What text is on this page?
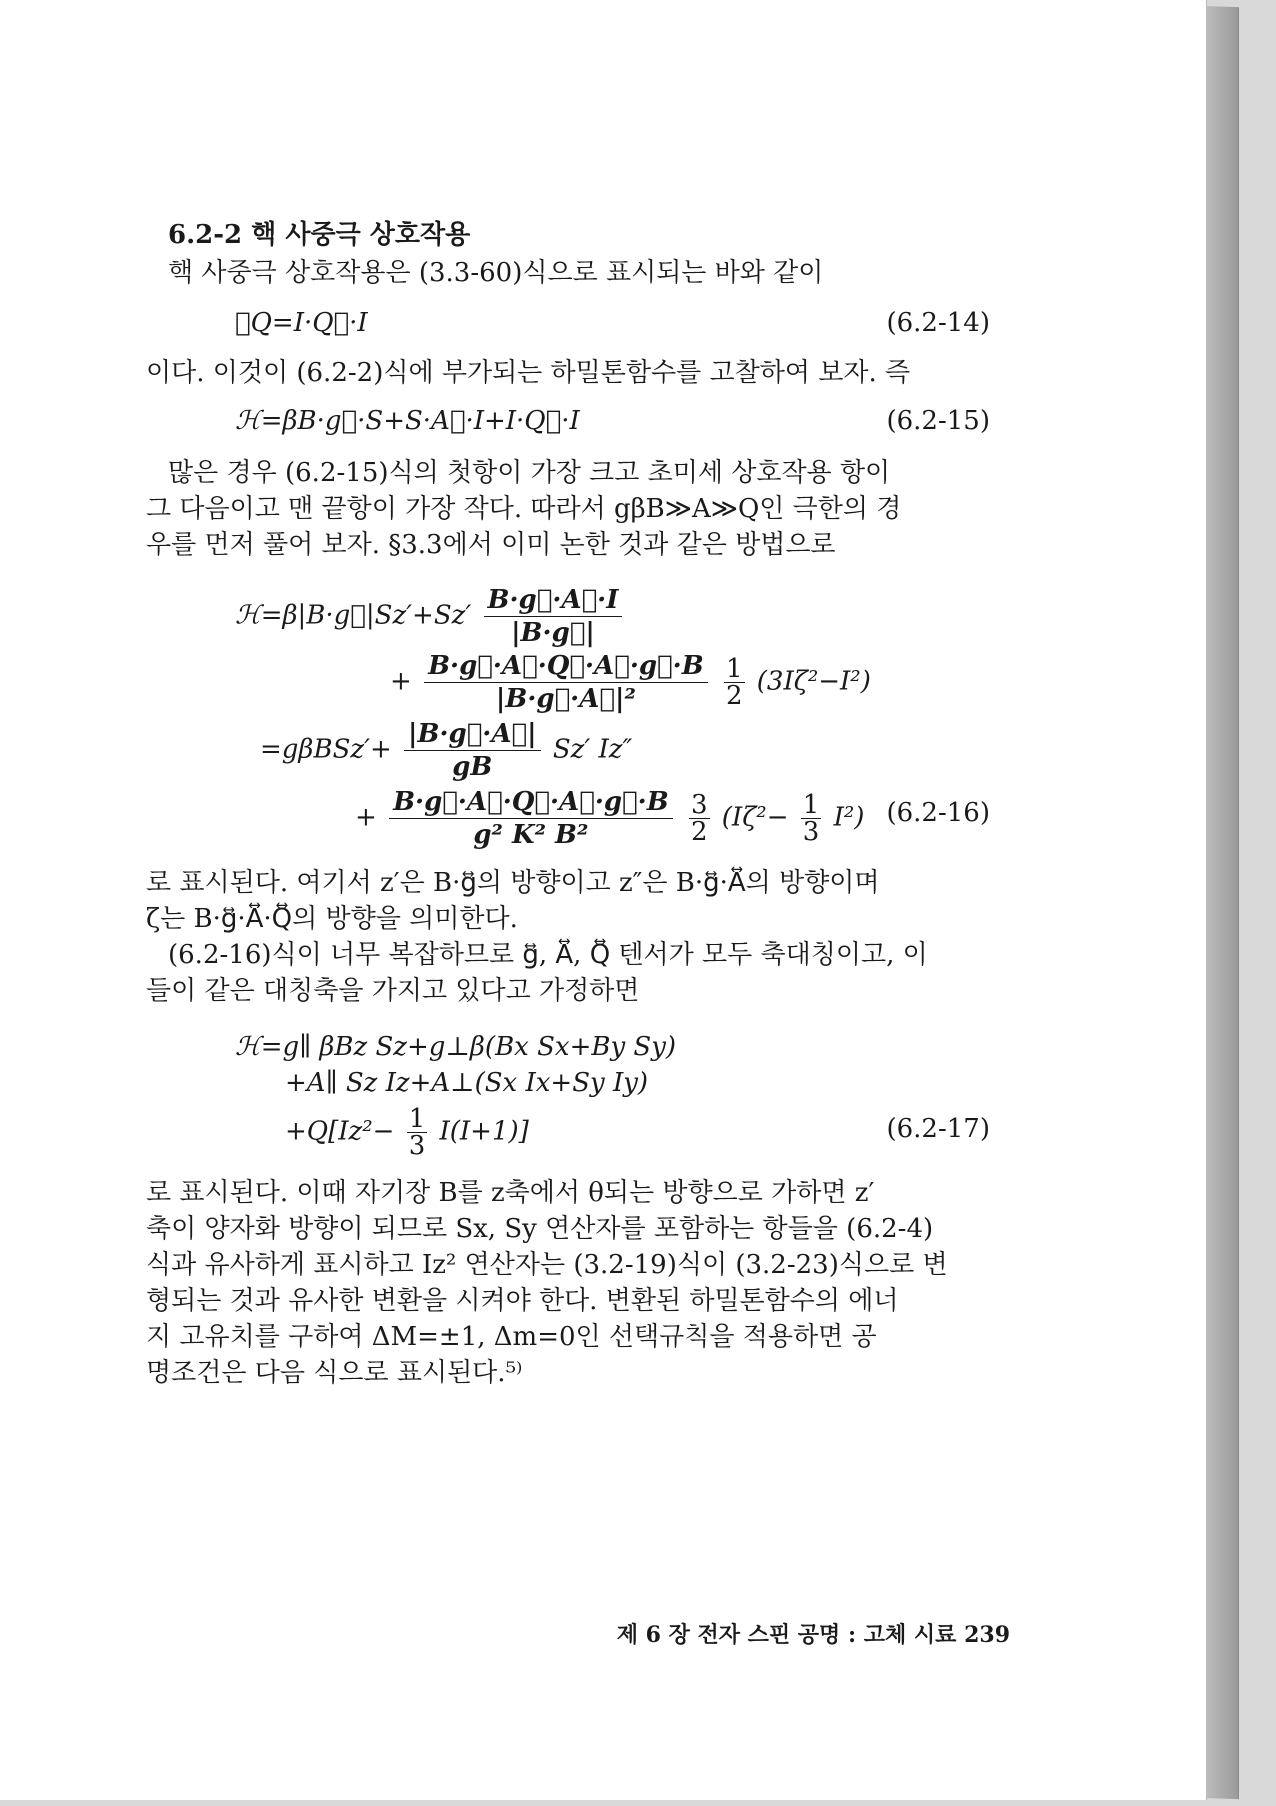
6.2-2 핵 사중극 상호작용
핵 사중극 상호작용은 (3.3-60)식으로 표시되는 바와 같이
ℋQ=I·Q⃡·I	(6.2-14)
이다. 이것이 (6.2-2)식에 부가되는 하밀톤함수를 고찰하여 보자. 즉
ℋ=βB·g⃡·S+S·A⃡·I+I·Q⃡·I	(6.2-15)
많은 경우 (6.2-15)식의 첫항이 가장 크고 초미세 상호작용 항이
그 다음이고 맨 끝항이 가장 작다. 따라서 gβB≫A≫Q인 극한의 경
우를 먼저 풀어 보자. §3.3에서 이미 논한 것과 같은 방법으로
ℋ=β|B·g⃡|Sz′+Sz′ $\frac{B\cdot g⃡\cdot A⃡\cdot I}{|B\cdot g⃡|}$
+ $\frac{B\cdot g⃡\cdot A⃡\cdot Q⃡\cdot A⃡\cdot g⃡\cdot B}{\text{|B·g⃡·A⃡|²}}$
$\frac{1}{2} (3I\zeta^2-I^2)$
$=g\beta BSz'+ \frac{|B\cdot g⃡\cdot A⃡|}{gB} Sz'$ Iz″
+ $\frac{B\cdot g⃡\cdot A⃡\cdot Q⃡\cdot A⃡\cdot g⃡\cdot B}{\text{g² K² B²}}$
$\frac{3}{2} (I\zeta^2- \frac{1}{3} I^2)$ (6.2-16)
로 표시된다. 여기서 z′은 B·g⃡의 방향이고 z″은 B·g⃡·A⃡의 방향이며
ζ는 B·g⃡·A⃡·Q⃡의 방향을 의미한다.
(6.2-16)식이 너무 복잡하므로 g⃡, A⃡, Q⃡ 텐서가 모두 축대칭이고, 이
들이 같은 대칭축을 가지고 있다고 가정하면
ℋ=g∥ βBz Sz+g⊥β(Bx Sx+By Sy)
+A∥ Sz Iz+A⊥(Sx Ix+Sy Iy)
$+Q[Iz^2- \frac{1}{3} I(I+1)]$	(6.2-17)
로 표시된다. 이때 자기장 B를 z축에서 θ되는 방향으로 가하면 z′
축이 양자화 방향이 되므로 Sx, Sy 연산자를 포함하는 항들을 (6.2-4)
식과 유사하게 표시하고 Iz² 연산자는 (3.2-19)식이 (3.2-23)식으로 변
형되는 것과 유사한 변환을 시켜야 한다. 변환된 하밀톤함수의 에너
지 고유치를 구하여 ΔM=±1, Δm=0인 선택규칙을 적용하면 공
명조건은 다음 식으로 표시된다.⁵⁾
제 6 장 전자 스핀 공명 : 고체 시료 239
